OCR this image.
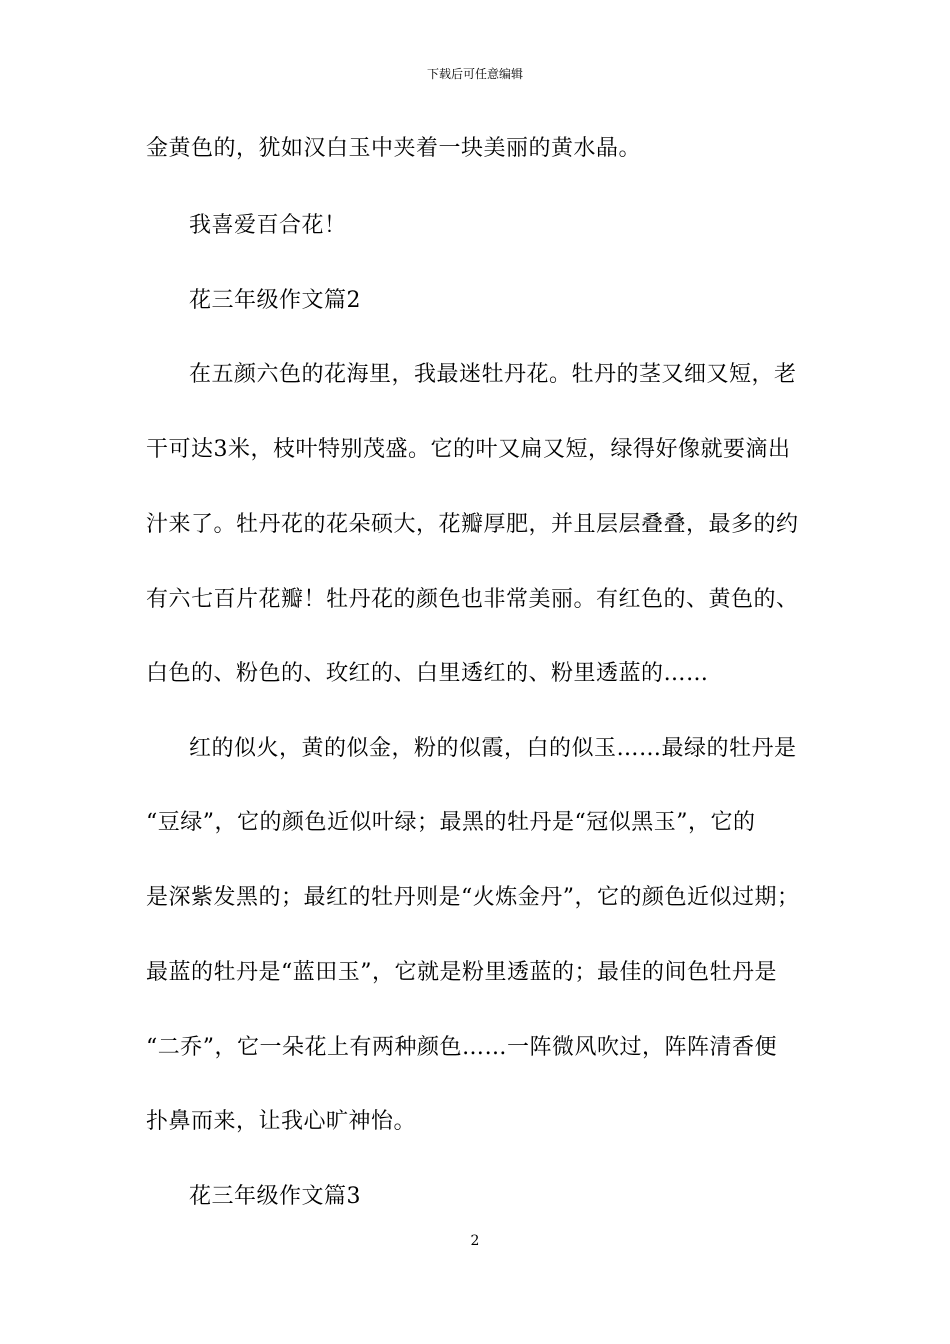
下载后可任意编辑
金黄色的，犹如汉白玉中夹着一块美丽的黄水晶。
我喜爱百合花！
花三年级作文篇2
在五颜六色的花海里，我最迷牡丹花。牡丹的茎又细又短，老
干可达3米，枝叶特别茂盛。它的叶又扁又短，绿得好像就要滴出
汁来了。牡丹花的花朵硕大，花瓣厚肥，并且层层叠叠，最多的约
有六七百片花瓣！牡丹花的颜色也非常美丽。有红色的、黄色的、
白色的、粉色的、玫红的、白里透红的、粉里透蓝的……
红的似火，黄的似金，粉的似霞，白的似玉……最绿的牡丹是
“豆绿”，它的颜色近似叶绿；最黑的牡丹是“冠似黑玉”，它的
是深紫发黑的；最红的牡丹则是“火炼金丹”，它的颜色近似过期；
最蓝的牡丹是“蓝田玉”，它就是粉里透蓝的；最佳的间色牡丹是
“二乔”，它一朵花上有两种颜色……一阵微风吹过，阵阵清香便
扑鼻而来，让我心旷神怡。
花三年级作文篇3
2
